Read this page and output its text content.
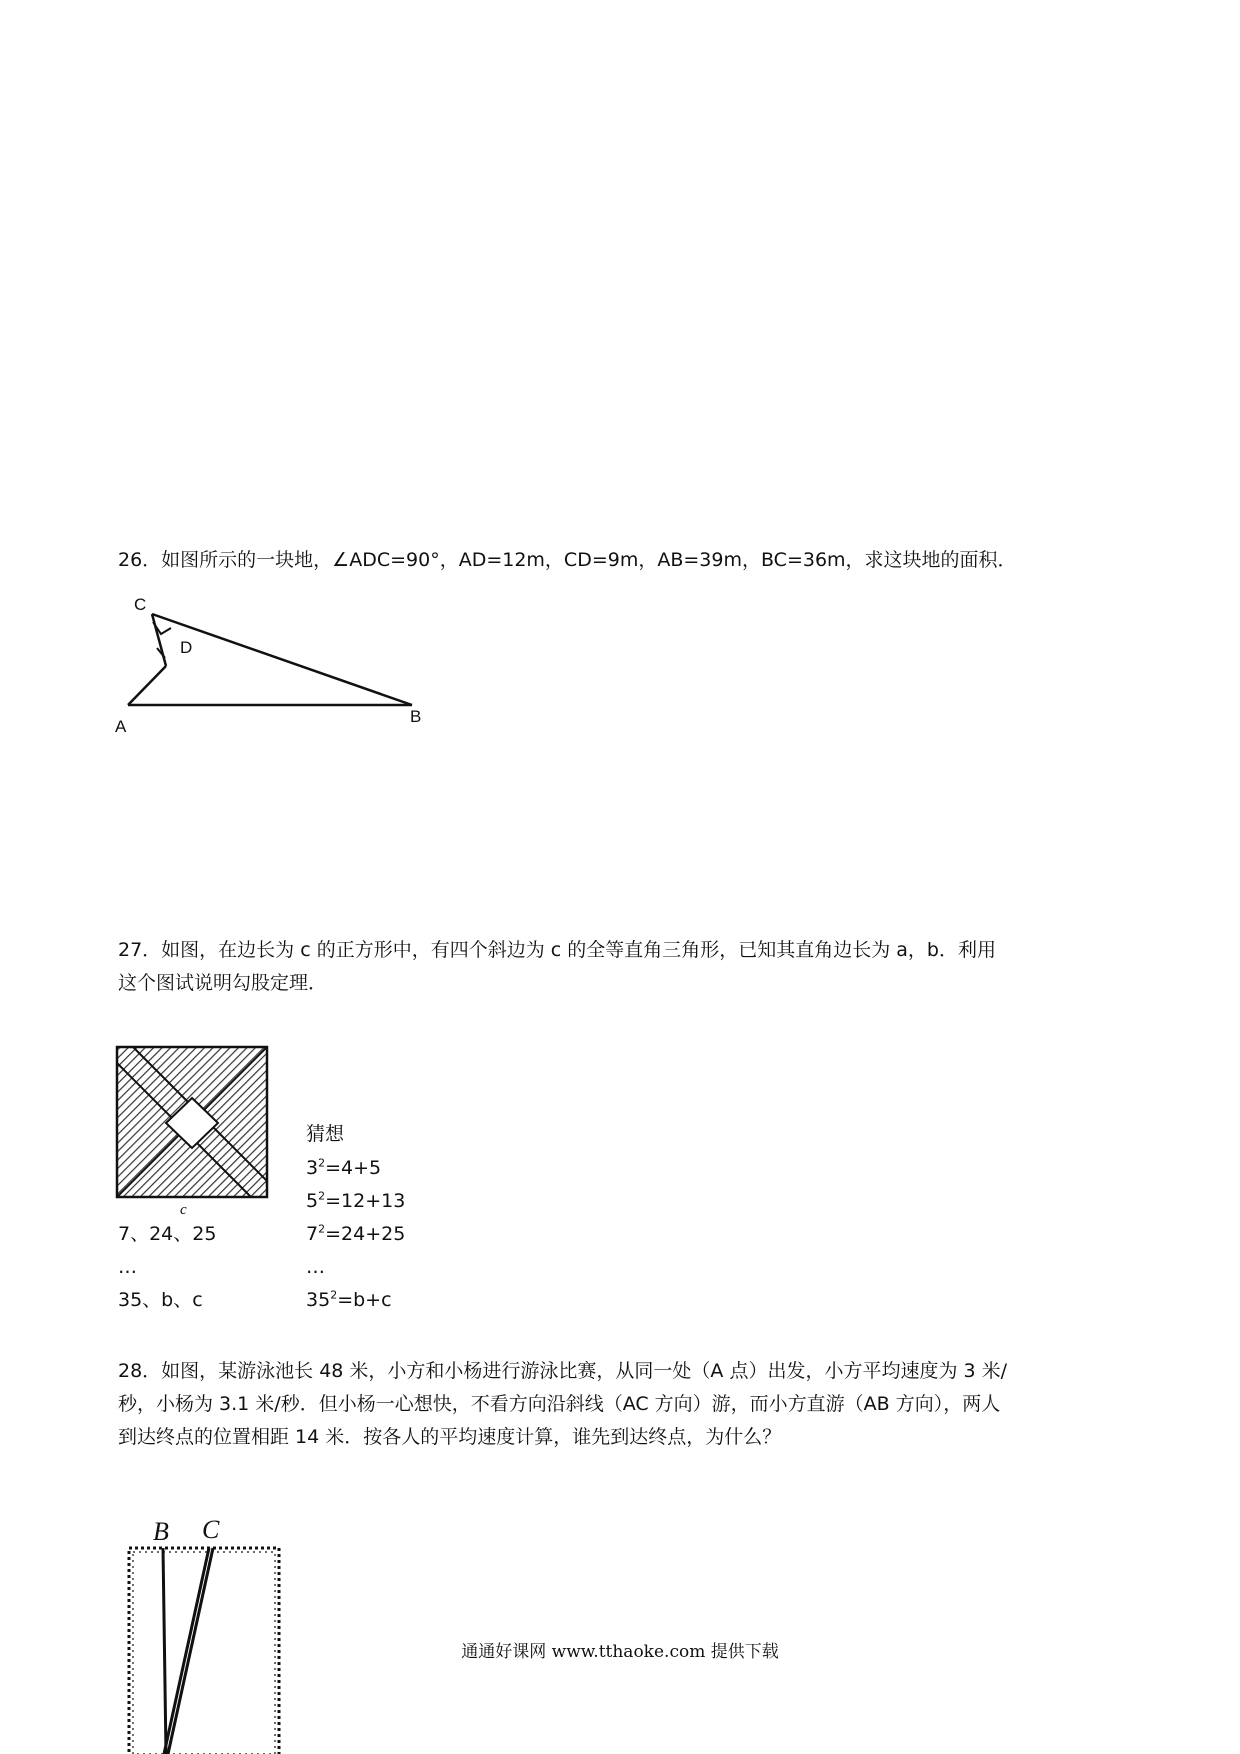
26．如图所示的一块地，∠ADC=90°，AD=12m，CD=9m，AB=39m，BC=36m，求这块地的面积．
C
D
A
B
27．如图，在边长为 c 的正方形中，有四个斜边为 c 的全等直角三角形，已知其直角边长为 a，b．利用
这个图试说明勾股定理．
c
猜想
$3^2=4+5$
$5^2=12+13$
$7^2=24+25$
…
$35^2=b+c$
7、24、25
…
35、b、c
28．如图，某游泳池长 48 米，小方和小杨进行游泳比赛，从同一处（A 点）出发，小方平均速度为 3 米/
秒，小杨为 3.1 米/秒．但小杨一心想快，不看方向沿斜线（AC 方向）游，而小方直游（AB 方向），两人
到达终点的位置相距 14 米．按各人的平均速度计算，谁先到达终点，为什么？
B C
通通好课网 www.tthaoke.com 提供下载
